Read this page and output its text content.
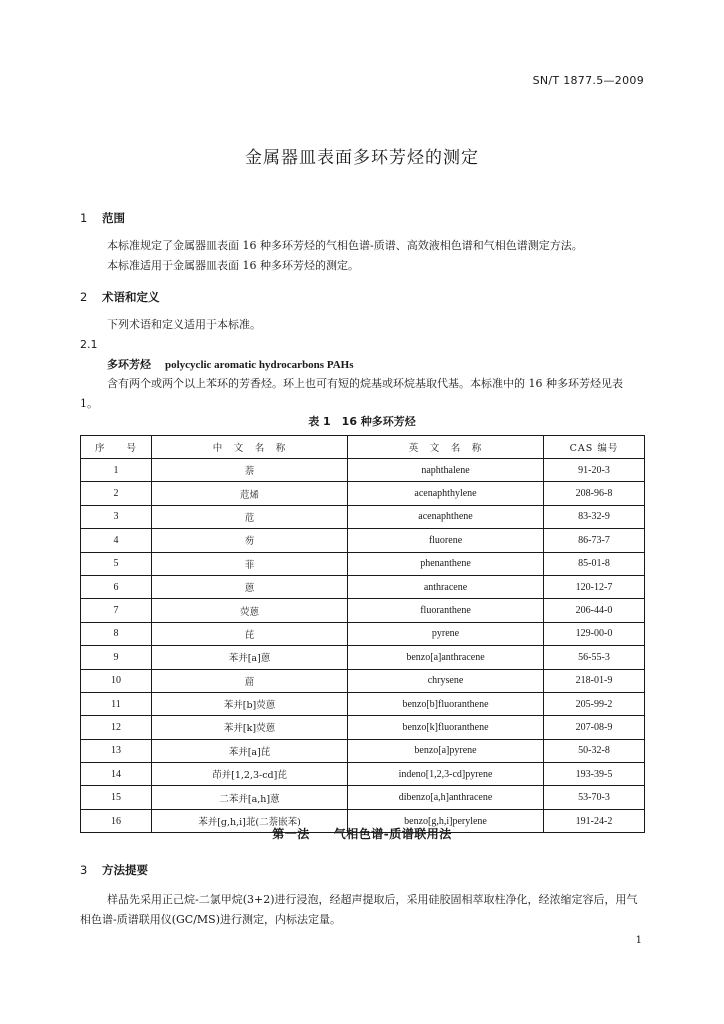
SN/T 1877.5—2009
金属器皿表面多环芳烃的测定
1 范围
本标准规定了金属器皿表面 16 种多环芳烃的气相色谱-质谱、高效液相色谱和气相色谱测定方法。
本标准适用于金属器皿表面 16 种多环芳烃的测定。
2 术语和定义
下列术语和定义适用于本标准。
2.1
多环芳烃 polycyclic aromatic hydrocarbons PAHs
含有两个或两个以上苯环的芳香烃。环上也可有短的烷基或环烷基取代基。本标准中的 16 种多环芳烃见表 1。
表 1　16 种多环芳烃
序　　号	中　文　名　称	英　文　名　称	CAS 编号
1	萘	naphthalene	91-20-3
2	苊烯	acenaphthylene	208-96-8
3	苊	acenaphthene	83-32-9
4	芴	fluorene	86-73-7
5	菲	phenanthene	85-01-8
6	蒽	anthracene	120-12-7
7	荧蒽	fluoranthene	206-44-0
8	芘	pyrene	129-00-0
9	苯并[a]蒽	benzo[a]anthracene	56-55-3
10	䓛	chrysene	218-01-9
11	苯并[b]荧蒽	benzo[b]fluoranthene	205-99-2
12	苯并[k]荧蒽	benzo[k]fluoranthene	207-08-9
13	苯并[a]芘	benzo[a]pyrene	50-32-8
14	茚并[1,2,3-cd]芘	indeno[1,2,3-cd]pyrene	193-39-5
15	二苯并[a,h]蒽	dibenzo[a,h]anthracene	53-70-3
16	苯并[g,h,i]苝(二萘嵌苯)	benzo[g,h,i]perylene	191-24-2
第一法 气相色谱-质谱联用法
3 方法提要
样品先采用正己烷-二氯甲烷(3+2)进行浸泡，经超声提取后，采用硅胶固相萃取柱净化，经浓缩定容后，用气相色谱-质谱联用仪(GC/MS)进行测定，内标法定量。
1
